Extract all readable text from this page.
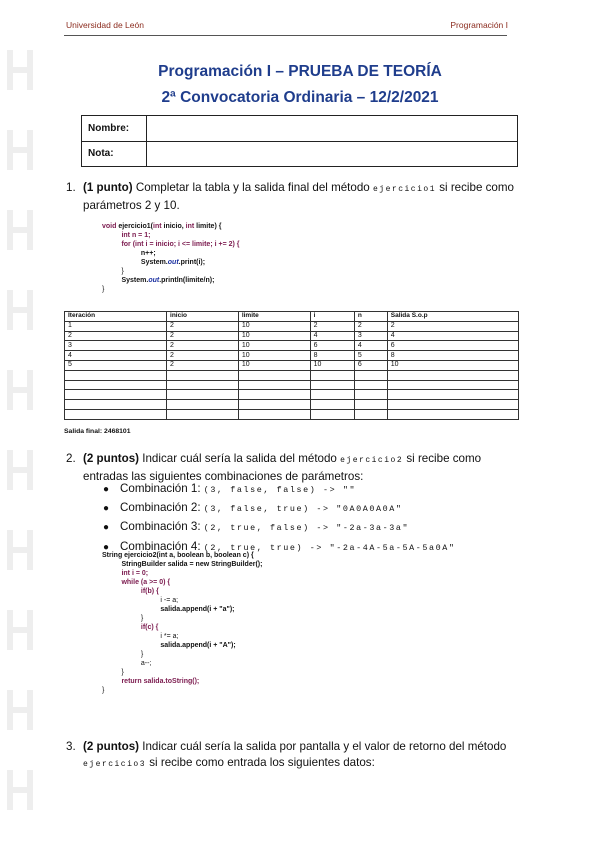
Universidad de León	Programación I
Programación I – PRUEBA DE TEORÍA
2ª Convocatoria Ordinaria – 12/2/2021
Nombre:	
Nota:	
1. (1 punto) Completar la tabla y la salida final del método ejercicio1 si recibe como
parámetros 2 y 10.
void ejercicio1(int inicio, int limite) {
int n = 1;
for (int i = inicio; i <= limite; i += 2) {
n++;
System.out.print(i);
}
System.out.println(limite/n);
}
Iteración	inicio	limite	i	n	Salida S.o.p
1	2	10	2	2	2
2	2	10	4	3	4
3	2	10	6	4	6
4	2	10	8	5	8
5	2	10	10	6	10

Salida final: 2468101
2. (2 puntos) Indicar cuál sería la salida del método ejercicio2 si recibe como
entradas las siguientes combinaciones de parámetros:
● Combinación 1: (3, false, false) -> ""
● Combinación 2: (3, false, true) -> "0A0A0A0A"
● Combinación 3: (2, true, false) -> "-2a-3a-3a"
● Combinación 4: (2, true, true) -> "-2a-4A-5a-5A-5a0A"
String ejercicio2(int a, boolean b, boolean c) {
StringBuilder salida = new StringBuilder();
int i = 0;
while (a >= 0) {
if(b) {
i -= a;
salida.append(i + "a");
}
if(c) {
i *= a;
salida.append(i + "A");
}
a--;
}
return salida.toString();
}
3. (2 puntos) Indicar cuál sería la salida por pantalla y el valor de retorno del método
ejercicio3 si recibe como entrada los siguientes datos:
